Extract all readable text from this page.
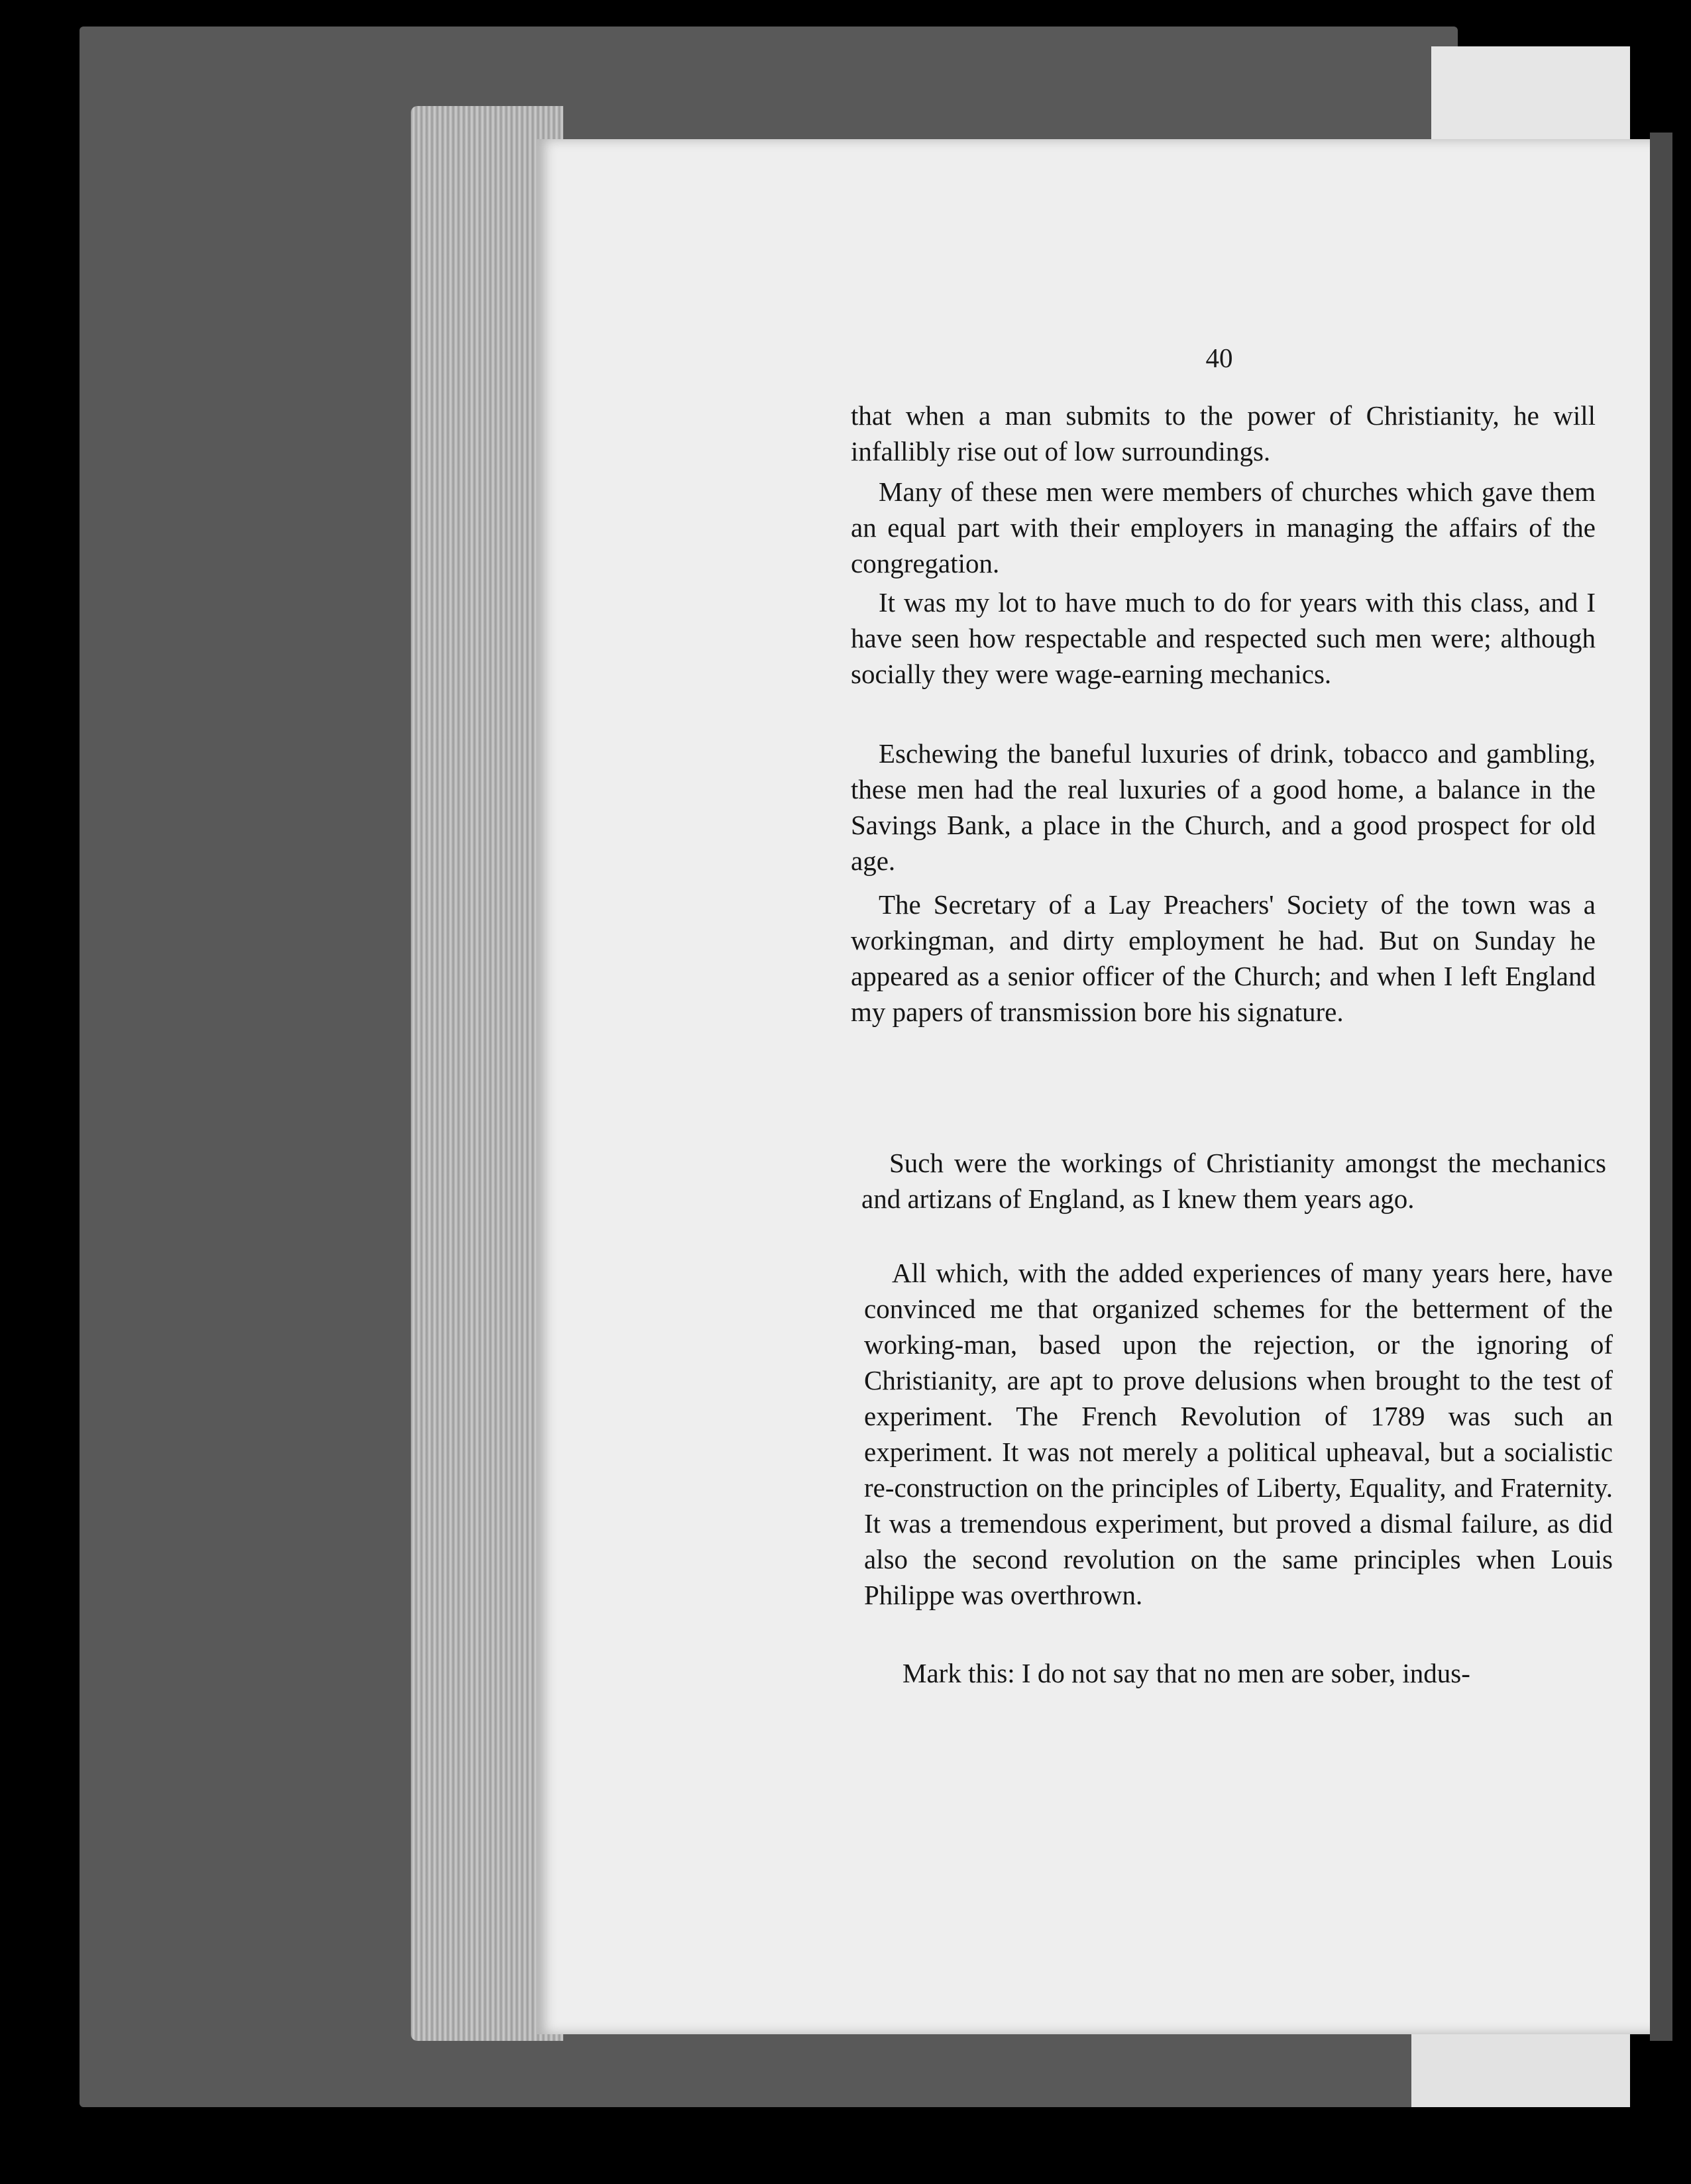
40

that when a man submits to the power of Christianity, he will infallibly rise out of low surroundings.

Many of these men were members of churches which gave them an equal part with their employers in managing the affairs of the congregation.

It was my lot to have much to do for years with this class, and I have seen how respectable and respected such men were; although socially they were wage-earning mechanics.

Eschewing the baneful luxuries of drink, tobacco and gambling, these men had the real luxuries of a good home, a balance in the Savings Bank, a place in the Church, and a good prospect for old age.

The Secretary of a Lay Preachers' Society of the town was a workingman, and dirty employment he had. But on Sunday he appeared as a senior officer of the Church; and when I left England my papers of transmission bore his signature.

Such were the workings of Christianity amongst the mechanics and artizans of England, as I knew them years ago.

All which, with the added experiences of many years here, have convinced me that organized schemes for the betterment of the working-man, based upon the rejection, or the ignoring of Christianity, are apt to prove delusions when brought to the test of experiment. The French Revolution of 1789 was such an experiment. It was not merely a political upheaval, but a socialistic re-construction on the principles of Liberty, Equality, and Fraternity. It was a tremendous experiment, but proved a dismal failure, as did also the second revolution on the same principles when Louis Philippe was overthrown.

Mark this: I do not say that no men are sober, indus-
